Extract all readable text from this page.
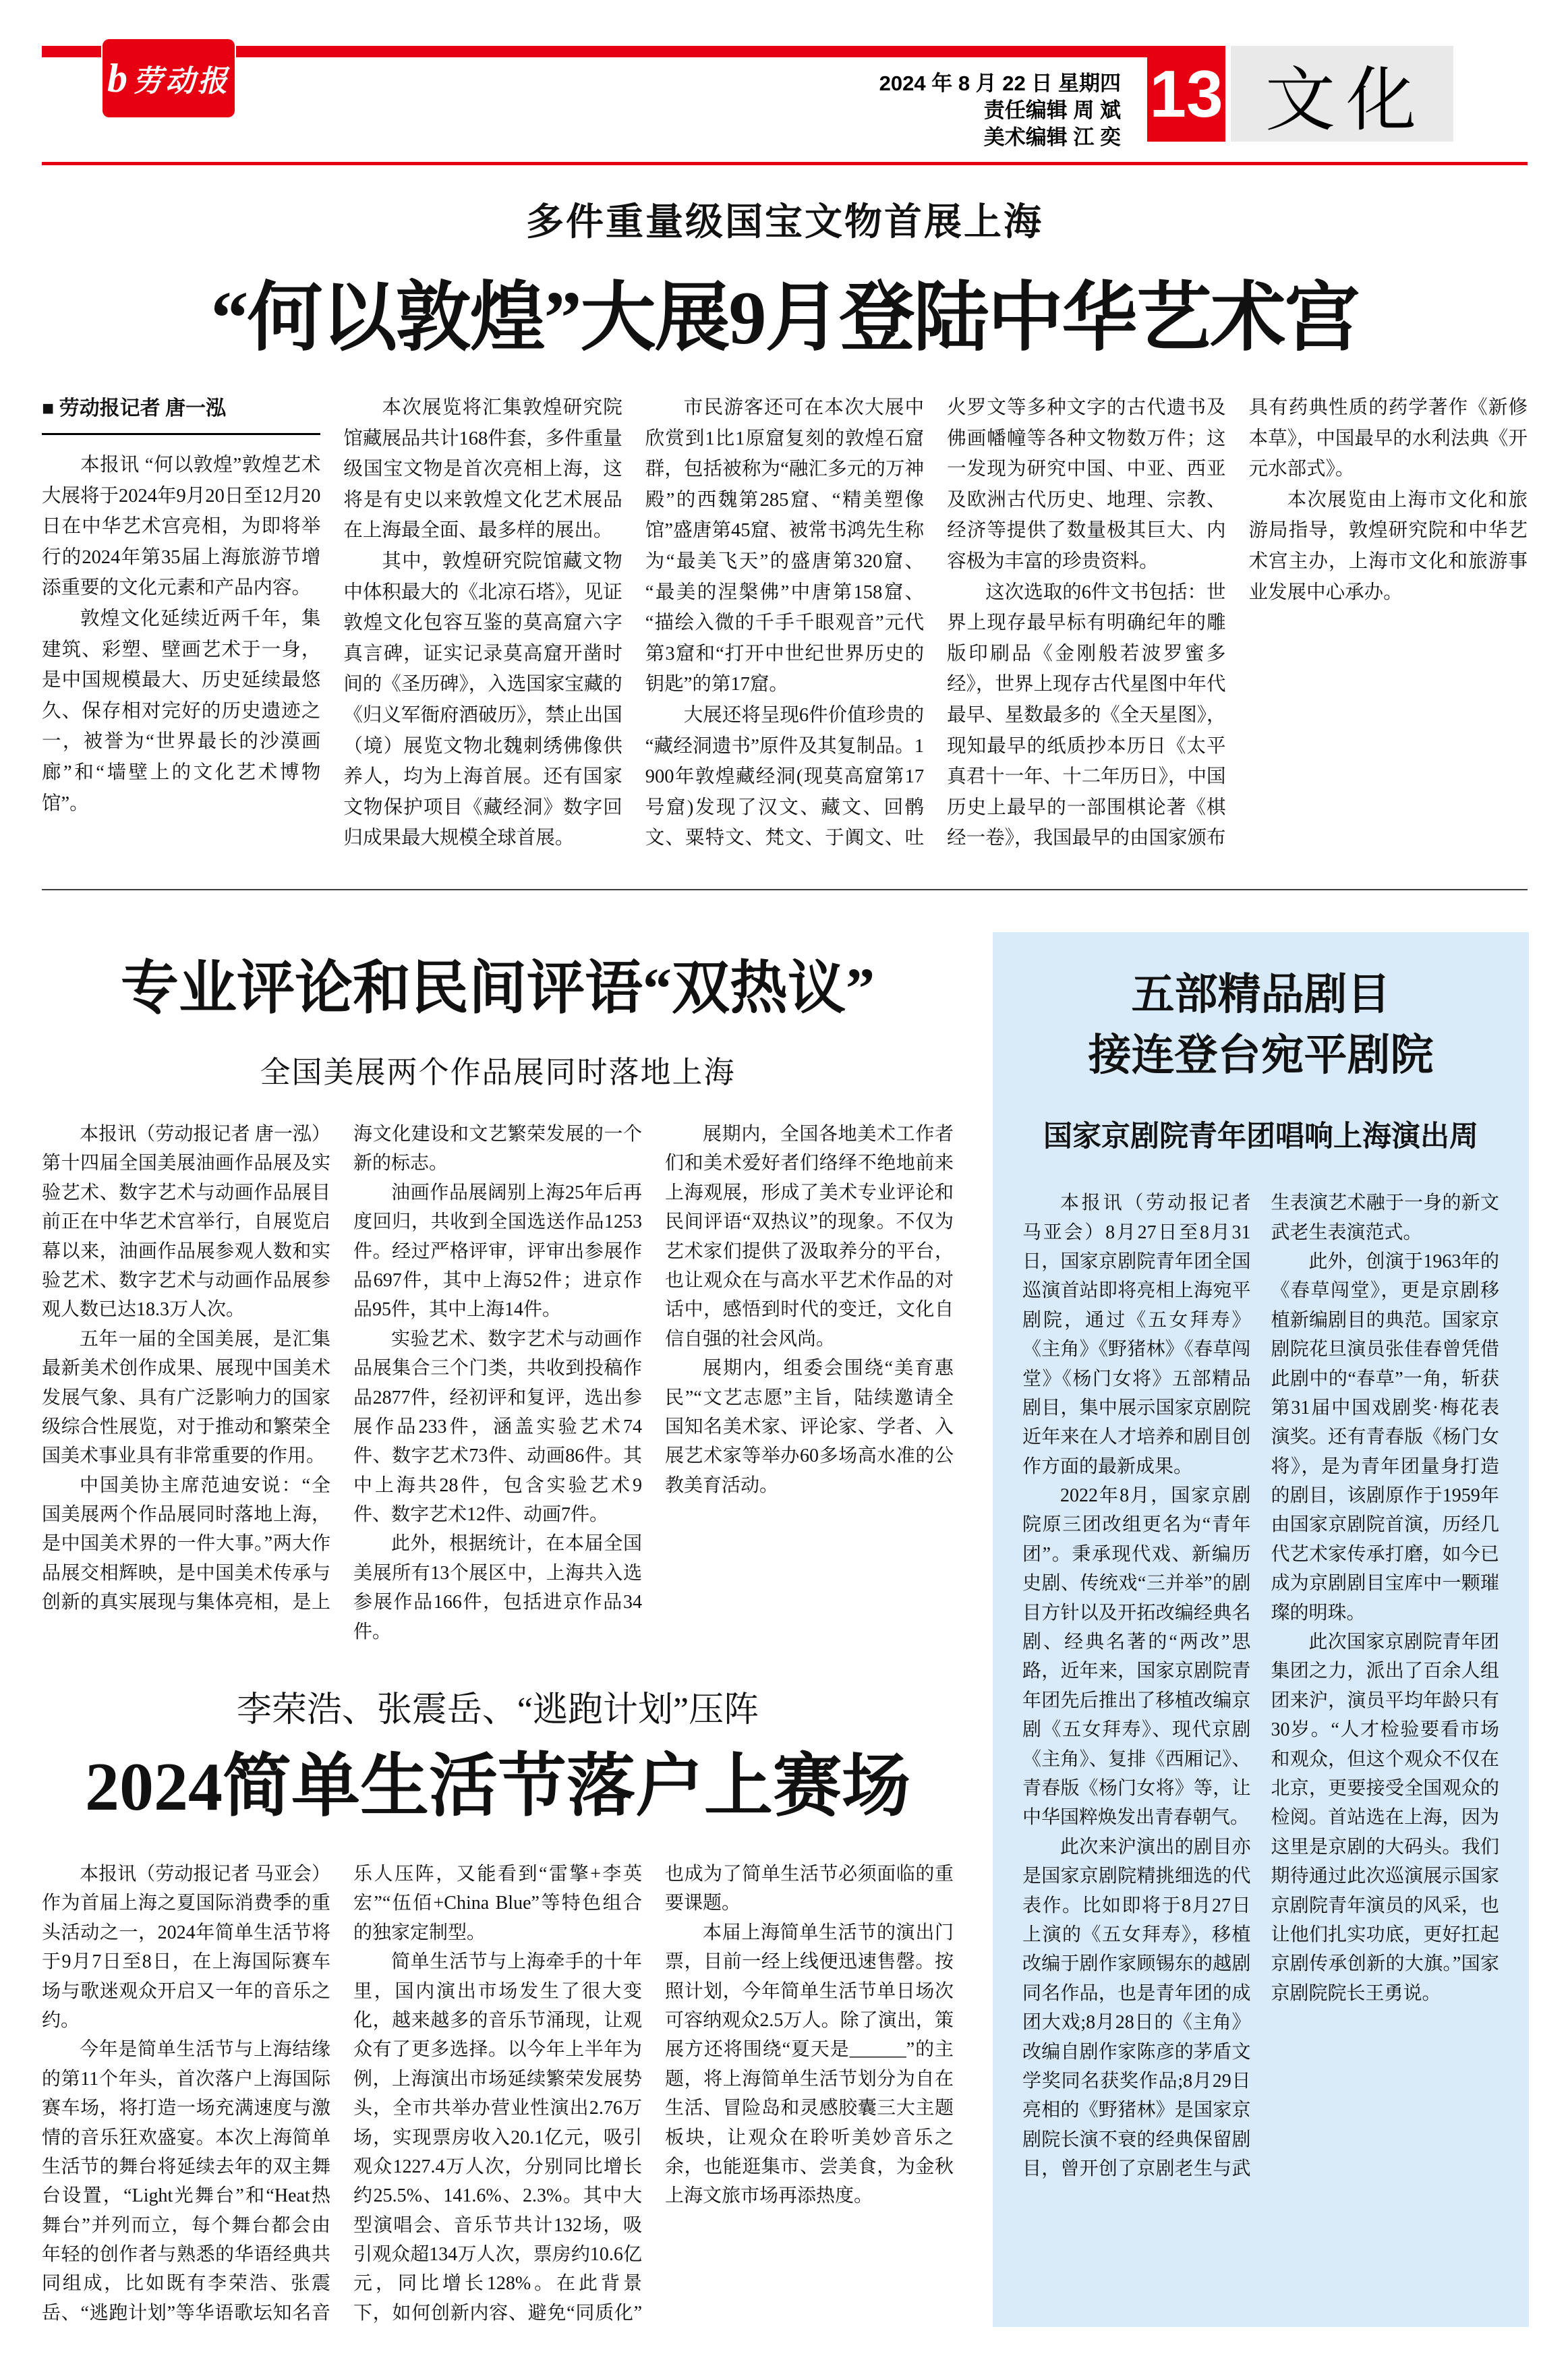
b 劳动报	2024 年 8 月 22 日 星期四
责任编辑 周 斌
美术编辑 江 奕
13 文化
多件重量级国宝文物首展上海
“何以敦煌”大展9月登陆中华艺术宫
■ 劳动报记者 唐一泓

本报讯 “何以敦煌”敦煌艺术大展将于2024年9月20日至12月20日在中华艺术宫亮相，为即将举行的2024年第35届上海旅游节增添重要的文化元素和产品内容。

敦煌文化延续近两千年，集建筑、彩塑、壁画艺术于一身，是中国规模最大、历史延续最悠久、保存相对完好的历史遗迹之一，被誉为“世界最长的沙漠画廊”和“墙壁上的文化艺术博物馆”。

本次展览将汇集敦煌研究院馆藏展品共计168件套，多件重量级国宝文物是首次亮相上海，这将是有史以来敦煌文化艺术展品在上海最全面、最多样的展出。

其中，敦煌研究院馆藏文物中体积最大的《北凉石塔》，见证敦煌文化包容互鉴的莫高窟六字真言碑，证实记录莫高窟开凿时间的《圣历碑》，入选国家宝藏的《归义军衙府酒破历》，禁止出国（境）展览文物北魏刺绣佛像供养人，均为上海首展。还有国家文物保护项目《藏经洞》数字回归成果最大规模全球首展。

市民游客还可在本次大展中欣赏到1比1原窟复刻的敦煌石窟群，包括被称为“融汇多元的万神殿”的西魏第285窟、“精美塑像馆”盛唐第45窟、被常书鸿先生称为“最美飞天”的盛唐第320窟、“最美的涅槃佛”中唐第158窟、“描绘入微的千手千眼观音”元代第3窟和“打开中世纪世界历史的钥匙”的第17窟。

大展还将呈现6件价值珍贵的“藏经洞遗书”原件及其复制品。1900年敦煌藏经洞(现莫高窟第17号窟)发现了汉文、藏文、回鹘文、粟特文、梵文、于阗文、吐火罗文等多种文字的古代遗书及佛画幡幢等各种文物数万件；这一发现为研究中国、中亚、西亚及欧洲古代历史、地理、宗教、经济等提供了数量极其巨大、内容极为丰富的珍贵资料。

这次选取的6件文书包括：世界上现存最早标有明确纪年的雕版印刷品《金刚般若波罗蜜多经》，世界上现存古代星图中年代最早、星数最多的《全天星图》，现知最早的纸质抄本历日《太平真君十一年、十二年历日》，中国历史上最早的一部围棋论著《棋经一卷》，我国最早的由国家颁布具有药典性质的药学著作《新修本草》，中国最早的水利法典《开元水部式》。

本次展览由上海市文化和旅游局指导，敦煌研究院和中华艺术宫主办，上海市文化和旅游事业发展中心承办。

专业评论和民间评语“双热议”
全国美展两个作品展同时落地上海

本报讯（劳动报记者 唐一泓）第十四届全国美展油画作品展及实验艺术、数字艺术与动画作品展目前正在中华艺术宫举行，自展览启幕以来，油画作品展参观人数和实验艺术、数字艺术与动画作品展参观人数已达18.3万人次。

五年一届的全国美展，是汇集最新美术创作成果、展现中国美术发展气象、具有广泛影响力的国家级综合性展览，对于推动和繁荣全国美术事业具有非常重要的作用。

中国美协主席范迪安说：“全国美展两个作品展同时落地上海，是中国美术界的一件大事。”两大作品展交相辉映，是中国美术传承与创新的真实展现与集体亮相，是上海文化建设和文艺繁荣发展的一个新的标志。

油画作品展阔别上海25年后再度回归，共收到全国选送作品1253件。经过严格评审，评审出参展作品697件，其中上海52件；进京作品95件，其中上海14件。

实验艺术、数字艺术与动画作品展集合三个门类，共收到投稿作品2877件，经初评和复评，选出参展作品233件，涵盖实验艺术74件、数字艺术73件、动画86件。其中上海共28件，包含实验艺术9件、数字艺术12件、动画7件。

此外，根据统计，在本届全国美展所有13个展区中，上海共入选参展作品166件，包括进京作品34件。

展期内，全国各地美术工作者们和美术爱好者们络绎不绝地前来上海观展，形成了美术专业评论和民间评语“双热议”的现象。不仅为艺术家们提供了汲取养分的平台，也让观众在与高水平艺术作品的对话中，感悟到时代的变迁，文化自信自强的社会风尚。

展期内，组委会围绕“美育惠民”“文艺志愿”主旨，陆续邀请全国知名美术家、评论家、学者、入展艺术家等举办60多场高水准的公教美育活动。

李荣浩、张震岳、“逃跑计划”压阵
2024简单生活节落户上赛场

本报讯（劳动报记者 马亚会）作为首届上海之夏国际消费季的重头活动之一，2024年简单生活节将于9月7日至8日，在上海国际赛车场与歌迷观众开启又一年的音乐之约。

今年是简单生活节与上海结缘的第11个年头，首次落户上海国际赛车场，将打造一场充满速度与激情的音乐狂欢盛宴。本次上海简单生活节的舞台将延续去年的双主舞台设置，“Light光舞台”和“Heat热舞台”并列而立，每个舞台都会由年轻的创作者与熟悉的华语经典共同组成，比如既有李荣浩、张震岳、“逃跑计划”等华语歌坛知名音乐人压阵，又能看到“雷擎+李英宏”“伍佰+China Blue”等特色组合的独家定制型。

简单生活节与上海牵手的十年里，国内演出市场发生了很大变化，越来越多的音乐节涌现，让观众有了更多选择。以今年上半年为例，上海演出市场延续繁荣发展势头，全市共举办营业性演出2.76万场，实现票房收入20.1亿元，吸引观众1227.4万人次，分别同比增长约25.5%、141.6%、2.3%。其中大型演唱会、音乐节共计132场，吸引观众超134万人次，票房约10.6亿元，同比增长128%。在此背景下，如何创新内容、避免“同质化”也成为了简单生活节必须面临的重要课题。

本届上海简单生活节的演出门票，目前一经上线便迅速售罄。按照计划，今年简单生活节单日场次可容纳观众2.5万人。除了演出，策展方还将围绕“夏天是______”的主题，将上海简单生活节划分为自在生活、冒险岛和灵感胶囊三大主题板块，让观众在聆听美妙音乐之余，也能逛集市、尝美食，为金秋上海文旅市场再添热度。

五部精品剧目
接连登台宛平剧院
国家京剧院青年团唱响上海演出周

本报讯（劳动报记者 马亚会）8月27日至8月31日，国家京剧院青年团全国巡演首站即将亮相上海宛平剧院，通过《五女拜寿》《主角》《野猪林》《春草闯堂》《杨门女将》五部精品剧目，集中展示国家京剧院近年来在人才培养和剧目创作方面的最新成果。

2022年8月，国家京剧院原三团改组更名为“青年团”。秉承现代戏、新编历史剧、传统戏“三并举”的剧目方针以及开拓改编经典名剧、经典名著的“两改”思路，近年来，国家京剧院青年团先后推出了移植改编京剧《五女拜寿》、现代京剧《主角》、复排《西厢记》、青春版《杨门女将》等，让中华国粹焕发出青春朝气。

此次来沪演出的剧目亦是国家京剧院精挑细选的代表作。比如即将于8月27日上演的《五女拜寿》，移植改编于剧作家顾锡东的越剧同名作品，也是青年团的成团大戏;8月28日的《主角》改编自剧作家陈彦的茅盾文学奖同名获奖作品;8月29日亮相的《野猪林》是国家京剧院长演不衰的经典保留剧目，曾开创了京剧老生与武生表演艺术融于一身的新文武老生表演范式。

此外，创演于1963年的《春草闯堂》，更是京剧移植新编剧目的典范。国家京剧院花旦演员张佳春曾凭借此剧中的“春草”一角，斩获第31届中国戏剧奖·梅花表演奖。还有青春版《杨门女将》，是为青年团量身打造的剧目，该剧原作于1959年由国家京剧院首演，历经几代艺术家传承打磨，如今已成为京剧剧目宝库中一颗璀璨的明珠。

此次国家京剧院青年团集团之力，派出了百余人组团来沪，演员平均年龄只有30岁。“人才检验要看市场和观众，但这个观众不仅在北京，更要接受全国观众的检阅。首站选在上海，因为这里是京剧的大码头。我们期待通过此次巡演展示国家京剧院青年演员的风采，也让他们扎实功底，更好扛起京剧传承创新的大旗。”国家京剧院院长王勇说。
